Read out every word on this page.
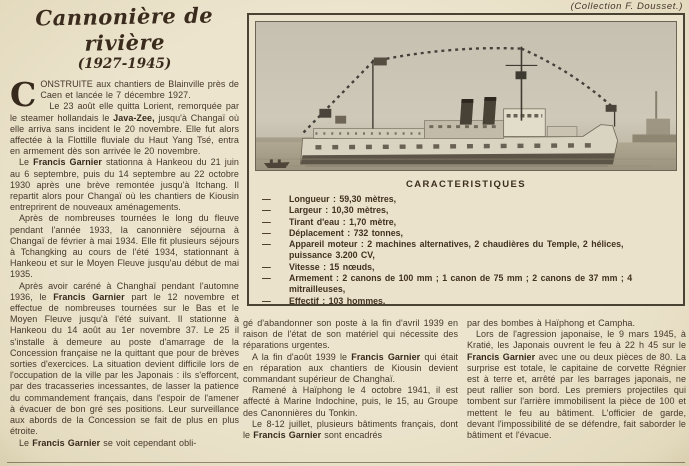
(Collection F. Dousset.)
Cannonière de rivière
(1927-1945)

CONSTRUITE aux chantiers de Blainville près de Caen et lancée le 7 décembre 1927.

Le 23 août elle quitta Lorient, remorquée par le steamer hollandais le Java-Zee, jusqu'à Changaï où elle arriva sans incident le 20 novembre. Elle fut alors affectée à la Flottille fluviale du Haut Yang Tsé, entra en armement dès son arrivée le 20 novembre.

Le Francis Garnier stationna à Hankeou du 21 juin au 6 septembre, puis du 14 septembre au 22 octobre 1930 après une brève remontée jusqu'à Itchang. Il repartit alors pour Changaï où les chantiers de Kiousin entreprirent de nouveaux aménagements.

Après de nombreuses tournées le long du fleuve pendant l'année 1933, la canonnière séjourna à Changaï de février à mai 1934. Elle fit plusieurs séjours à Tchangking au cours de l'été 1934, stationnant à Hankeou et sur le Moyen Fleuve jusqu'au début de mai 1935.

Après avoir caréné à Changhaï pendant l'automne 1936, le Francis Garnier part le 12 novembre et effectue de nombreuses tournées sur le Bas et le Moyen Fleuve jusqu'à l'été suivant. Il stationne à Hankeou du 14 août au 1er novembre 37. Le 25 il s'installe à demeure au poste d'amarrage de la Concession française ne la quittant que pour de brèves sorties d'exercices. La situation devient difficile lors de l'occupation de la ville par les Japonais : ils s'efforcent, par des tracasseries incessantes, de lasser la patience du commandement français, dans l'espoir de l'amener à évacuer de bon gré ses positions. Leur surveillance aux abords de la Concession se fait de plus en plus étroite.

Le Francis Garnier se voit cependant obli-

CARACTERISTIQUES
— Longueur : 59,30 mètres,
— Largeur : 10,30 mètres,
— Tirant d'eau : 1,70 mètre,
— Déplacement : 732 tonnes,
— Appareil moteur : 2 machines alternatives, 2 chaudières du Temple, 2 hélices, puissance 3.200 CV,
— Vitesse : 15 nœuds,
— Armement : 2 canons de 100 mm ; 1 canon de 75 mm ; 2 canons de 37 mm ; 4 mitrailleuses,
— Effectif : 103 hommes.

gé d'abandonner son poste à la fin d'avril 1939 en raison de l'état de son matériel qui nécessite des réparations urgentes.

A la fin d'août 1939 le Francis Garnier qui était en réparation aux chantiers de Kiousin devient commandant supérieur de Changhaï.

Ramené à Haïphong le 4 octobre 1941, il est affecté à Marine Indochine, puis, le 15, au Groupe des Canonnières du Tonkin.

Le 8-12 juillet, plusieurs bâtiments français, dont le Francis Garnier sont encadrés

par des bombes à Haïphong et Campha.

Lors de l'agression japonaise, le 9 mars 1945, à Kratié, les Japonais ouvrent le feu à 22 h 45 sur le Francis Garnier avec une ou deux pièces de 80. La surprise est totale, le capitaine de corvette Régnier est à terre et, arrêté par les barrages japonais, ne peut rallier son bord. Les premiers projectiles qui tombent sur l'arrière immobilisent la pièce de 100 et mettent le feu au bâtiment. L'officier de garde, devant l'impossibilité de se défendre, fait saborder le bâtiment et l'évacue.
